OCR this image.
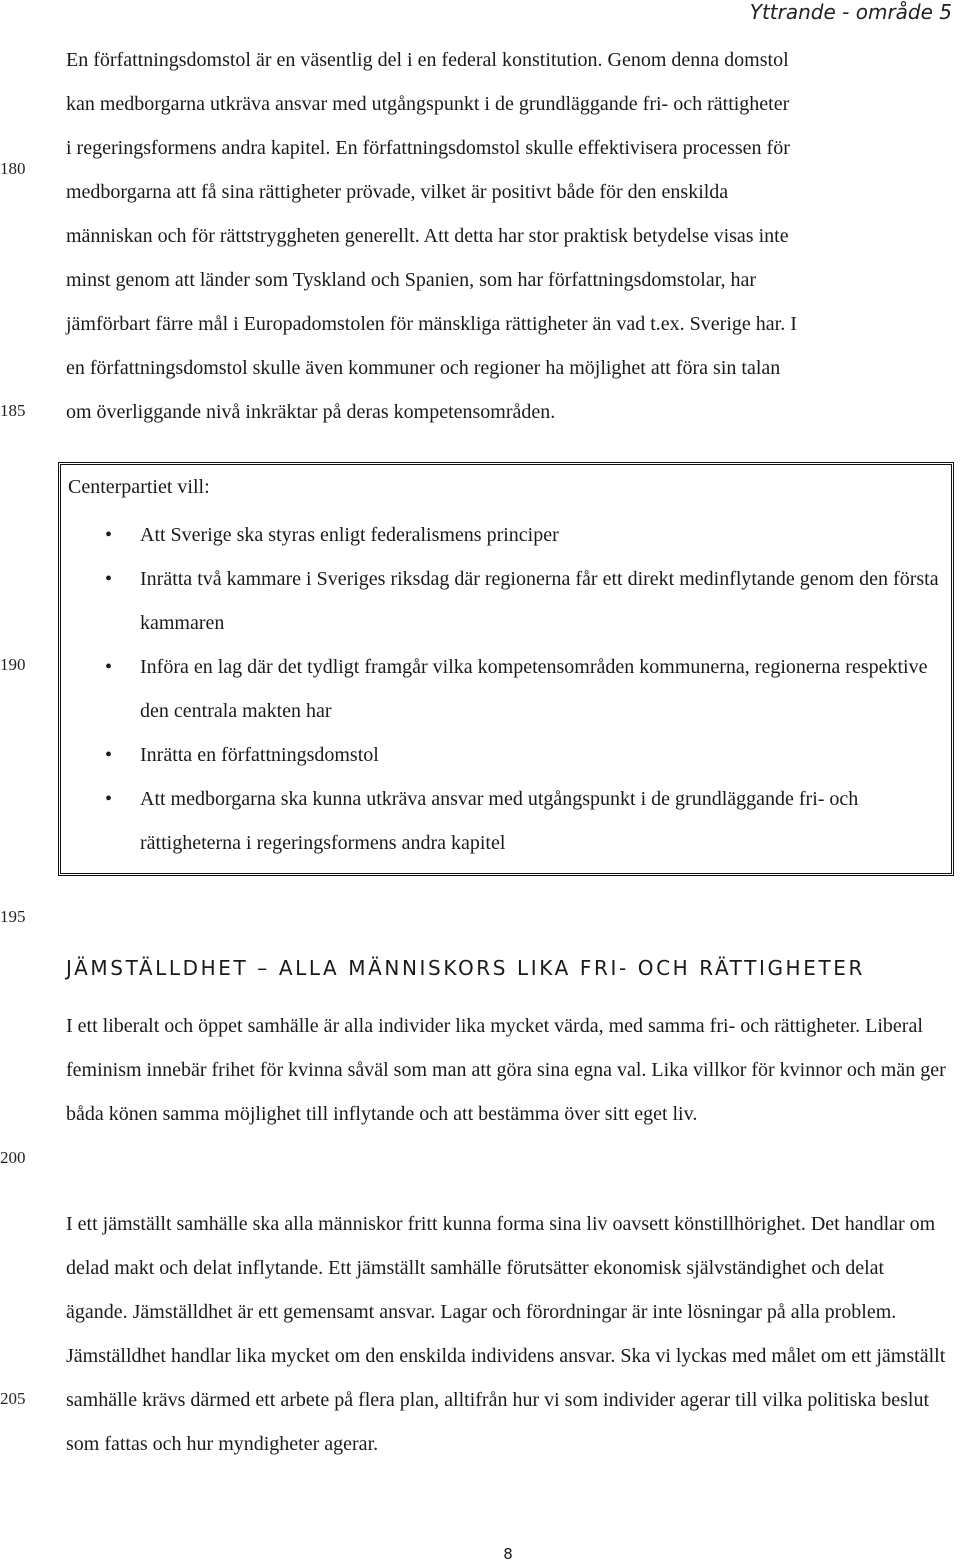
Yttrande - område 5
180
185
190
195
200
205
En författningsdomstol är en väsentlig del i en federal konstitution. Genom denna domstol
kan medborgarna utkräva ansvar med utgångspunkt i de grundläggande fri- och rättigheter
i regeringsformens andra kapitel. En författningsdomstol skulle effektivisera processen för
medborgarna att få sina rättigheter prövade, vilket är positivt både för den enskilda
människan och för rättstryggheten generellt. Att detta har stor praktisk betydelse visas inte
minst genom att länder som Tyskland och Spanien, som har författningsdomstolar, har
jämförbart färre mål i Europadomstolen för mänskliga rättigheter än vad t.ex. Sverige har. I
en författningsdomstol skulle även kommuner och regioner ha möjlighet att föra sin talan
om överliggande nivå inkräktar på deras kompetensområden.
Centerpartiet vill:
• Att Sverige ska styras enligt federalismens principer
• Inrätta två kammare i Sveriges riksdag där regionerna får ett direkt medinflytande genom den första kammaren
• Införa en lag där det tydligt framgår vilka kompetensområden kommunerna, regionerna respektive den centrala makten har
• Inrätta en författningsdomstol
• Att medborgarna ska kunna utkräva ansvar med utgångspunkt i de grundläggande fri- och rättigheterna i regeringsformens andra kapitel
JÄMSTÄLLDHET – ALLA MÄNNISKORS LIKA FRI- OCH RÄTTIGHETER
I ett liberalt och öppet samhälle är alla individer lika mycket värda, med samma fri- och rättigheter. Liberal feminism innebär frihet för kvinna såväl som man att göra sina egna val. Lika villkor för kvinnor och män ger båda könen samma möjlighet till inflytande och att bestämma över sitt eget liv.
I ett jämställt samhälle ska alla människor fritt kunna forma sina liv oavsett könstillhörighet. Det handlar om delad makt och delat inflytande. Ett jämställt samhälle förutsätter ekonomisk självständighet och delat ägande. Jämställdhet är ett gemensamt ansvar. Lagar och förordningar är inte lösningar på alla problem. Jämställdhet handlar lika mycket om den enskilda individens ansvar. Ska vi lyckas med målet om ett jämställt samhälle krävs därmed ett arbete på flera plan, alltifrån hur vi som individer agerar till vilka politiska beslut som fattas och hur myndigheter agerar.
8
